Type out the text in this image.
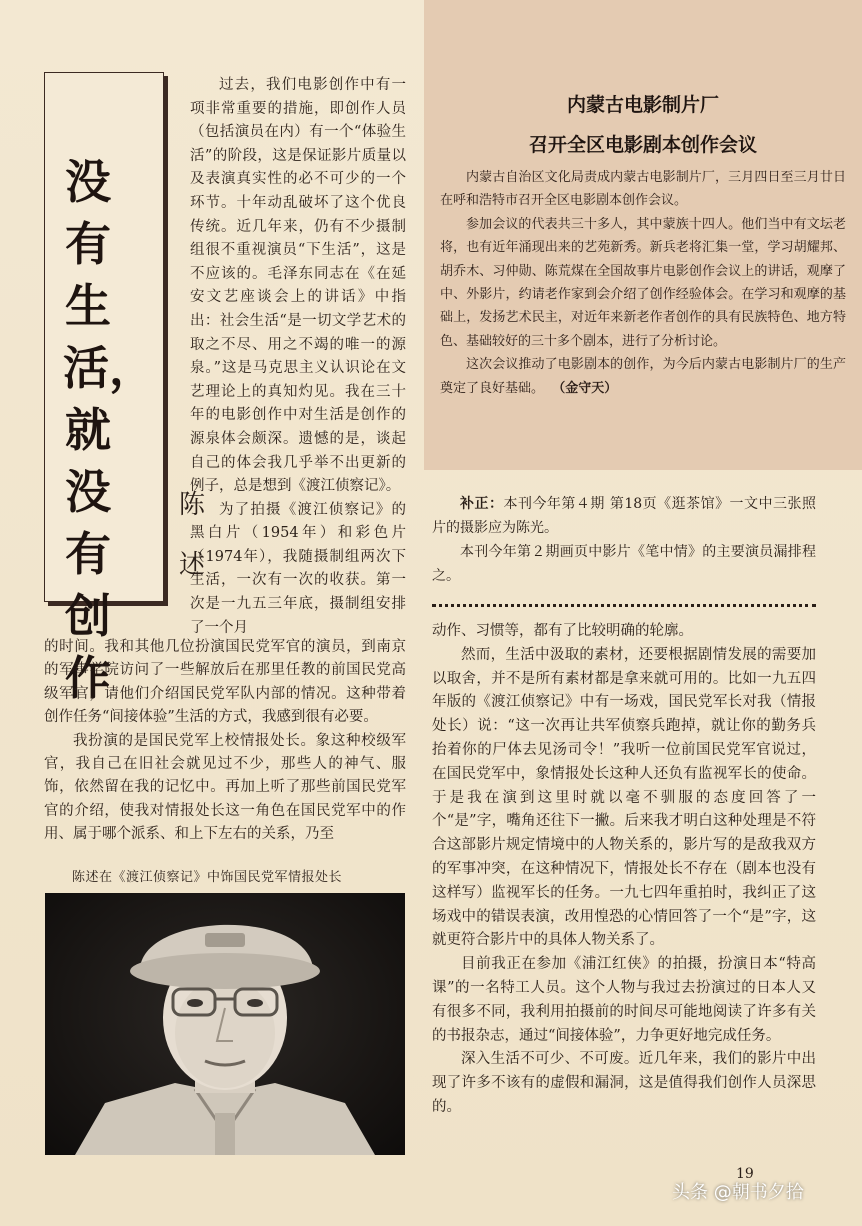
没有生活，就没有创作
陈述

过去，我们电影创作中有一项非常重要的措施，即创作人员（包括演员在内）有一个“体验生活”的阶段，这是保证影片质量以及表演真实性的必不可少的一个环节。十年动乱破坏了这个优良传统。近几年来，仍有不少摄制组很不重视演员“下生活”，这是不应该的。毛泽东同志在《在延安文艺座谈会上的讲话》中指出：社会生活“是一切文学艺术的取之不尽、用之不竭的唯一的源泉。”这是马克思主义认识论在文艺理论上的真知灼见。我在三十年的电影创作中对生活是创作的源泉体会颇深。遗憾的是，谈起自己的体会我几乎举不出更新的例子，总是想到《渡江侦察记》。

为了拍摄《渡江侦察记》的黑白片（1954年）和彩色片（1974年），我随摄制组两次下生活，一次有一次的收获。第一次是一九五三年底，摄制组安排了一个月

的时间。我和其他几位扮演国民党军官的演员，到南京的军事学院访问了一些解放后在那里任教的前国民党高级军官，请他们介绍国民党军队内部的情况。这种带着创作任务“间接体验”生活的方式，我感到很有必要。

我扮演的是国民党军上校情报处长。象这种校级军官，我自己在旧社会就见过不少，那些人的神气、服饰，依然留在我的记忆中。再加上听了那些前国民党军官的介绍，使我对情报处长这一角色在国民党军中的作用、属于哪个派系、和上下左右的关系，乃至

内蒙古电影制片厂
召开全区电影剧本创作会议

内蒙古自治区文化局责成内蒙古电影制片厂，三月四日至三月廿日在呼和浩特市召开全区电影剧本创作会议。

参加会议的代表共三十多人，其中蒙族十四人。他们当中有文坛老将，也有近年涌现出来的艺苑新秀。新兵老将汇集一堂，学习胡耀邦、胡乔木、习仲勋、陈荒煤在全国故事片电影创作会议上的讲话，观摩了中、外影片，约请老作家到会介绍了创作经验体会。在学习和观摩的基础上，发扬艺术民主，对近年来新老作者创作的具有民族特色、地方特色、基础较好的三十多个剧本，进行了分析讨论。

这次会议推动了电影剧本的创作，为今后内蒙古电影制片厂的生产奠定了良好基础。 （金守天）

补正：本刊今年第４期 第18页《逛茶馆》一文中三张照片的摄影应为陈光。

本刊今年第２期画页中影片《笔中情》的主要演员漏排程之。

动作、习惯等，都有了比较明确的轮廓。

然而，生活中汲取的素材，还要根据剧情发展的需要加以取舍，并不是所有素材都是拿来就可用的。比如一九五四年版的《渡江侦察记》中有一场戏，国民党军长对我（情报处长）说：“这一次再让共军侦察兵跑掉，就让你的勤务兵抬着你的尸体去见汤司令！”我听一位前国民党军官说过，在国民党军中，象情报处长这种人还负有监视军长的使命。于是我在演到这里时就以毫不驯服的态度回答了一个“是”字，嘴角还往下一撇。后来我才明白这种处理是不符合这部影片规定情境中的人物关系的，影片写的是敌我双方的军事冲突，在这种情况下，情报处长不存在（剧本也没有这样写）监视军长的任务。一九七四年重拍时，我纠正了这场戏中的错误表演，改用惶恐的心情回答了一个“是”字，这就更符合影片中的具体人物关系了。

目前我正在参加《浦江红侠》的拍摄，扮演日本“特高课”的一名特工人员。这个人物与我过去扮演过的日本人又有很多不同，我利用拍摄前的时间尽可能地阅读了许多有关的书报杂志，通过“间接体验”，力争更好地完成任务。

深入生活不可少、不可废。近几年来，我们的影片中出现了许多不该有的虚假和漏洞，这是值得我们创作人员深思的。

陈述在《渡江侦察记》中饰国民党军情报处长
19
头条 @朝书夕拾
